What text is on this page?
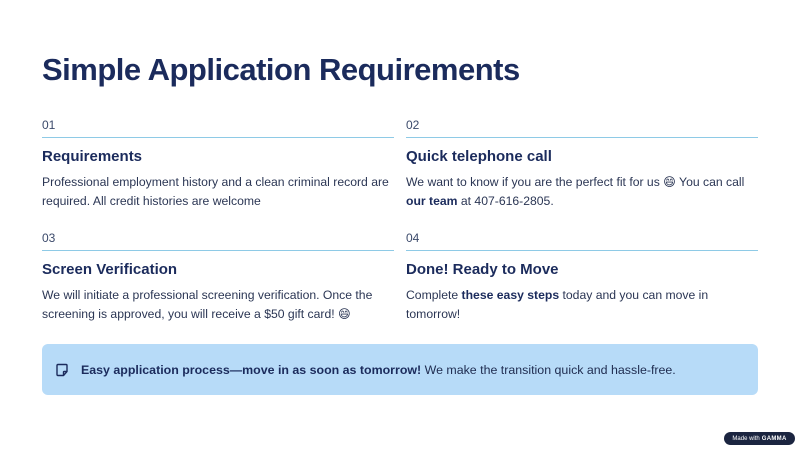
Simple Application Requirements
01
Requirements
Professional employment history and a clean criminal record are required. All credit histories are welcome
02
Quick telephone call
We want to know if you are the perfect fit for us 😄 You can call our team at 407-616-2805.
03
Screen Verification
We will initiate a professional screening verification. Once the screening is approved, you will receive a $50 gift card! 😄
04
Done! Ready to Move
Complete these easy steps today and you can move in tomorrow!
Easy application process—move in as soon as tomorrow! We make the transition quick and hassle-free.
Made with GAMMA
